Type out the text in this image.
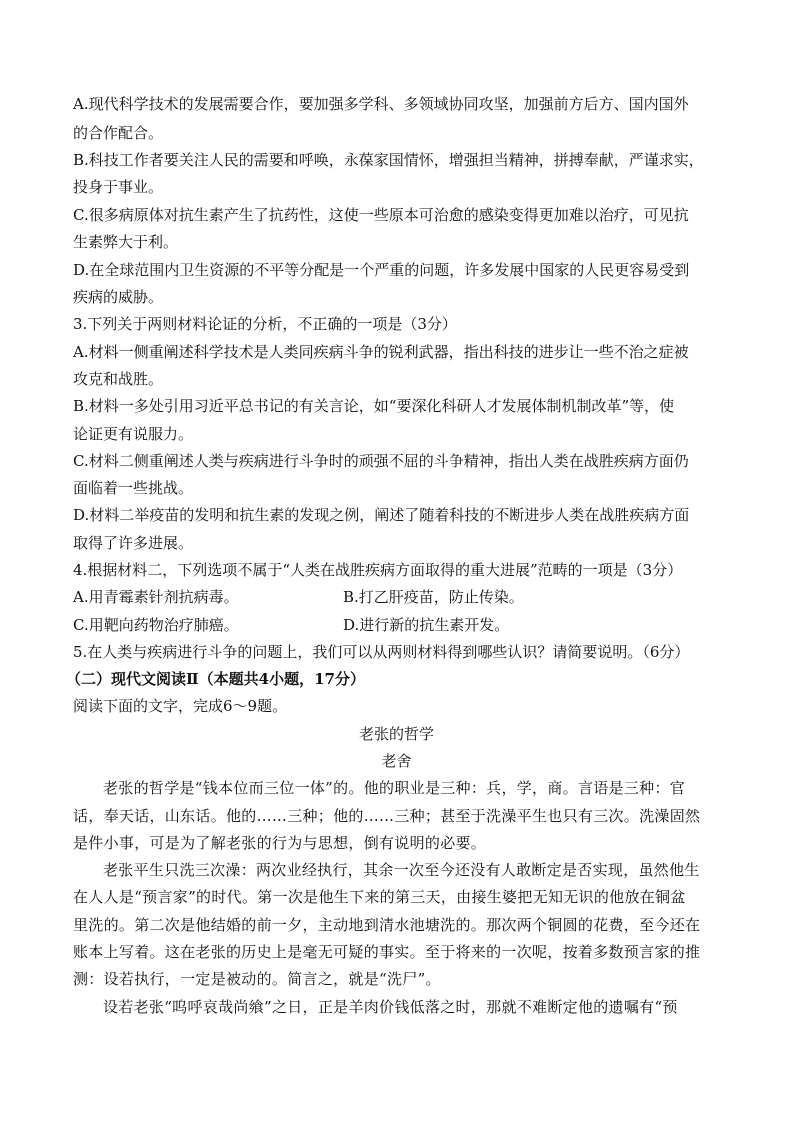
A.现代科学技术的发展需要合作，要加强多学科、多领域协同攻坚，加强前方后方、国内国外
的合作配合。
B.科技工作者要关注人民的需要和呼唤，永葆家国情怀，增强担当精神，拼搏奉献，严谨求实，
投身于事业。
C.很多病原体对抗生素产生了抗药性，这使一些原本可治愈的感染变得更加难以治疗，可见抗
生素弊大于利。
D.在全球范围内卫生资源的不平等分配是一个严重的问题，许多发展中国家的人民更容易受到
疾病的威胁。
3.下列关于两则材料论证的分析，不正确的一项是（3分）
A.材料一侧重阐述科学技术是人类同疾病斗争的锐利武器，指出科技的进步让一些不治之症被
攻克和战胜。
B.材料一多处引用习近平总书记的有关言论，如“要深化科研人才发展体制机制改革”等，使
论证更有说服力。
C.材料二侧重阐述人类与疾病进行斗争时的顽强不屈的斗争精神，指出人类在战胜疾病方面仍
面临着一些挑战。
D.材料二举疫苗的发明和抗生素的发现之例，阐述了随着科技的不断进步人类在战胜疾病方面
取得了许多进展。
4.根据材料二，下列选项不属于“人类在战胜疾病方面取得的重大进展”范畴的一项是（3分）
A.用青霉素针剂抗病毒。	B.打乙肝疫苗，防止传染。
C.用靶向药物治疗肺癌。	D.进行新的抗生素开发。
5.在人类与疾病进行斗争的问题上，我们可以从两则材料得到哪些认识？请简要说明。（6分）
（二）现代文阅读Ⅱ（本题共4小题，17分）
阅读下面的文字，完成6～9题。
老张的哲学
老舍
老张的哲学是“钱本位而三位一体”的。他的职业是三种：兵，学，商。言语是三种：官
话，奉天话，山东话。他的……三种；他的……三种；甚至于洗澡平生也只有三次。洗澡固然
是件小事，可是为了解老张的行为与思想，倒有说明的必要。
老张平生只洗三次澡：两次业经执行，其余一次至今还没有人敢断定是否实现，虽然他生
在人人是“预言家”的时代。第一次是他生下来的第三天，由接生婆把无知无识的他放在铜盆
里洗的。第二次是他结婚的前一夕，主动地到清水池塘洗的。那次两个铜圆的花费，至今还在
账本上写着。这在老张的历史上是毫无可疑的事实。至于将来的一次呢，按着多数预言家的推
测：设若执行，一定是被动的。简言之，就是“洗尸”。
设若老张“呜呼哀哉尚飨”之日，正是羊肉价钱低落之时，那就不难断定他的遗嘱有“预
